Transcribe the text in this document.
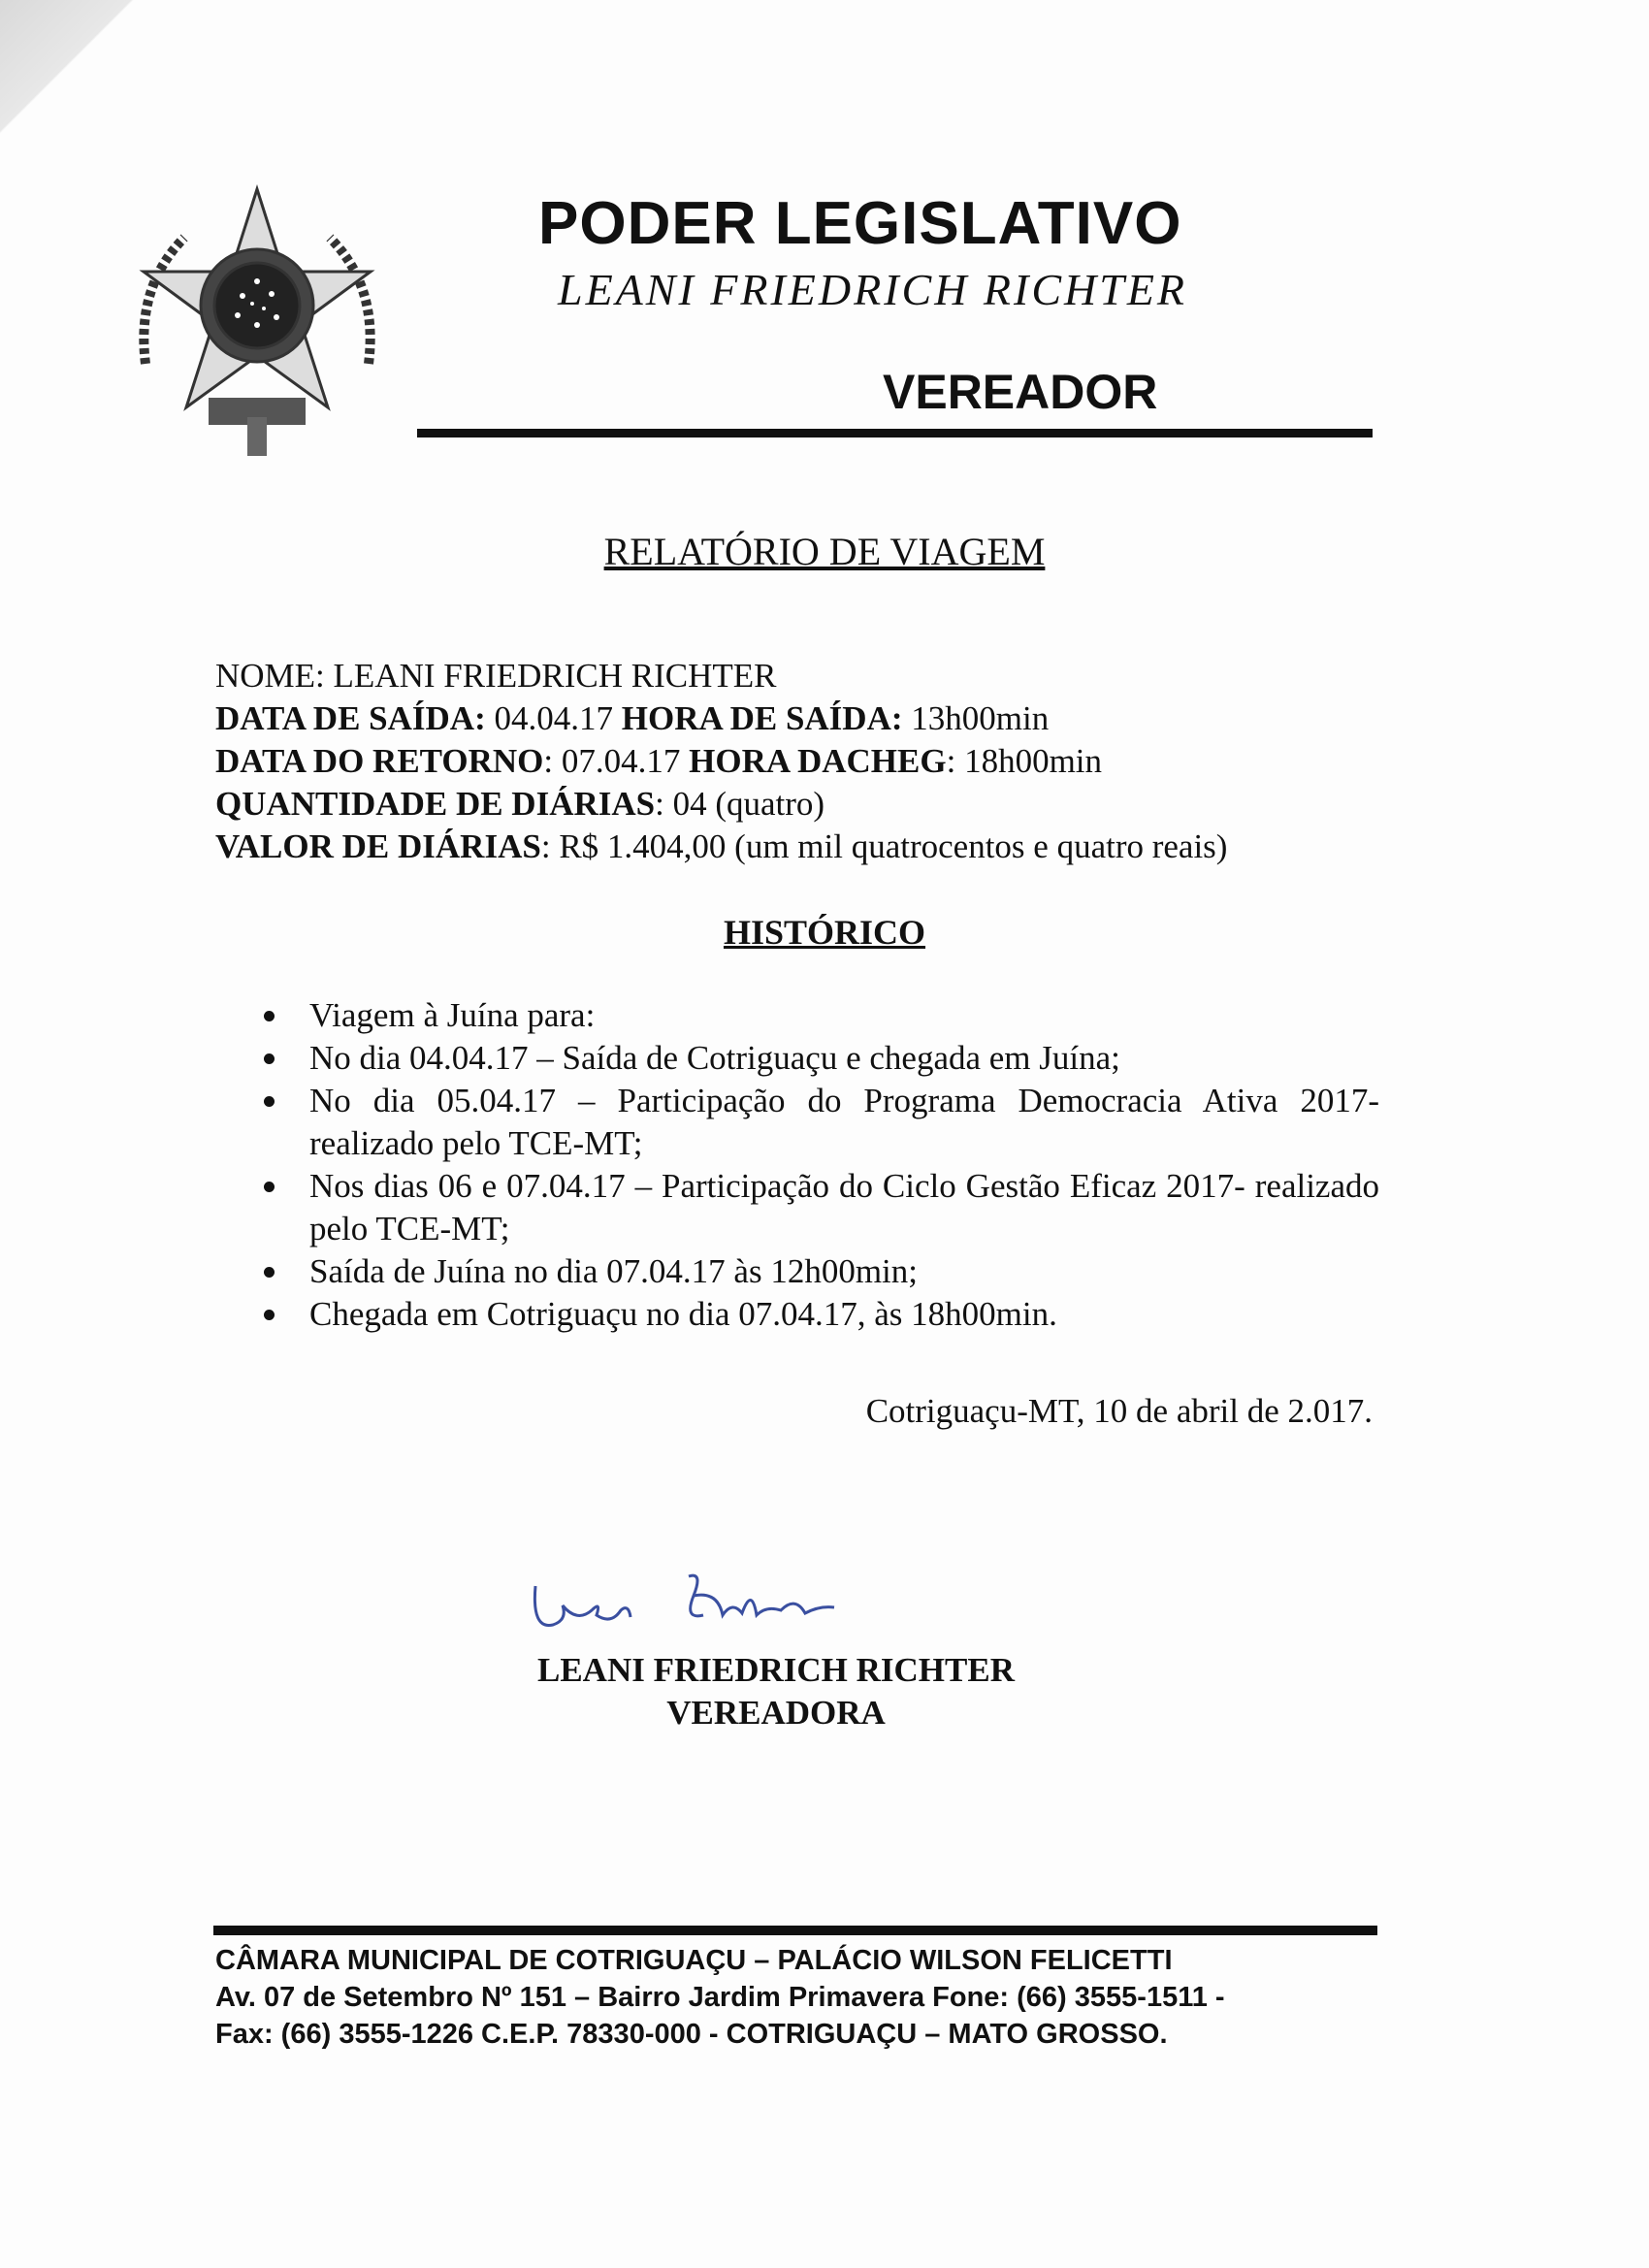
PODER LEGISLATIVO
LEANI FRIEDRICH RICHTER
VEREADOR
RELATÓRIO DE VIAGEM
NOME: LEANI FRIEDRICH RICHTER
DATA DE SAÍDA: 04.04.17 HORA DE SAÍDA: 13h00min
DATA DO RETORNO: 07.04.17 HORA DACHEG: 18h00min
QUANTIDADE DE DIÁRIAS: 04 (quatro)
VALOR DE DIÁRIAS: R$ 1.404,00 (um mil quatrocentos e quatro reais)
HISTÓRICO
Viagem à Juína para:
No dia 04.04.17 – Saída de Cotriguaçu e chegada em Juína;
No dia 05.04.17 – Participação do Programa Democracia Ativa 2017- realizado pelo TCE-MT;
Nos dias 06 e 07.04.17 – Participação do Ciclo Gestão Eficaz 2017- realizado pelo TCE-MT;
Saída de Juína no dia 07.04.17 às 12h00min;
Chegada em Cotriguaçu no dia 07.04.17, às 18h00min.
Cotriguaçu-MT, 10 de abril de 2.017.
LEANI FRIEDRICH RICHTER
VEREADORA
CÂMARA MUNICIPAL DE COTRIGUAÇU – PALÁCIO WILSON FELICETTI
Av. 07 de Setembro Nº 151 – Bairro Jardim Primavera Fone: (66) 3555-1511 -
Fax: (66) 3555-1226 C.E.P. 78330-000 - COTRIGUAÇU – MATO GROSSO.
